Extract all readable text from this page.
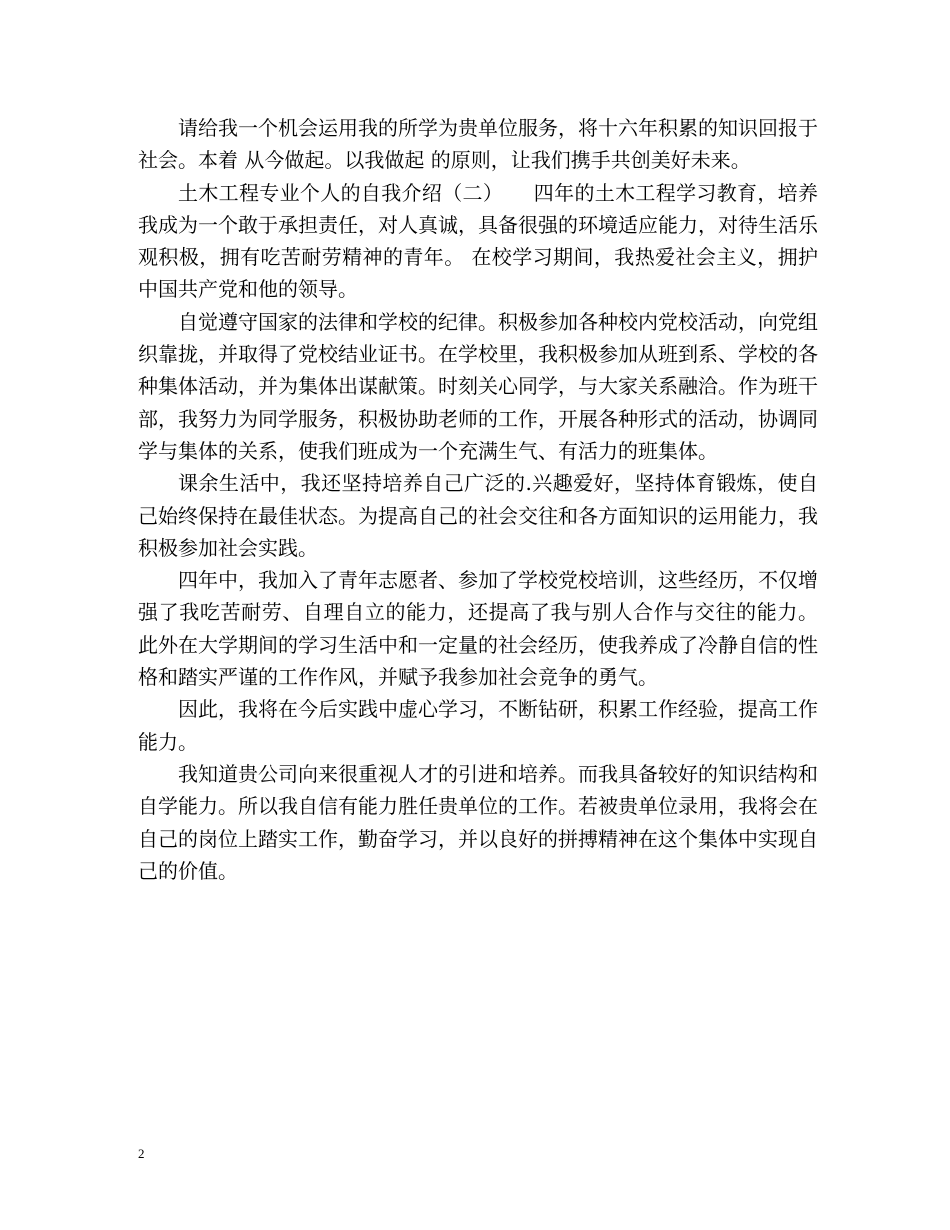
请给我一个机会运用我的所学为贵单位服务，将十六年积累的知识回报于社会。本着 从今做起。以我做起 的原则，让我们携手共创美好未来。

土木工程专业个人的自我介绍（二）　　四年的土木工程学习教育，培养我成为一个敢于承担责任，对人真诚，具备很强的环境适应能力，对待生活乐观积极，拥有吃苦耐劳精神的青年。 在校学习期间，我热爱社会主义，拥护中国共产党和他的领导。

自觉遵守国家的法律和学校的纪律。积极参加各种校内党校活动，向党组织靠拢，并取得了党校结业证书。在学校里，我积极参加从班到系、学校的各种集体活动，并为集体出谋献策。时刻关心同学，与大家关系融洽。作为班干部，我努力为同学服务，积极协助老师的工作，开展各种形式的活动，协调同学与集体的关系，使我们班成为一个充满生气、有活力的班集体。

课余生活中，我还坚持培养自己广泛的.兴趣爱好，坚持体育锻炼，使自己始终保持在最佳状态。为提高自己的社会交往和各方面知识的运用能力，我积极参加社会实践。

四年中，我加入了青年志愿者、参加了学校党校培训，这些经历，不仅增强了我吃苦耐劳、自理自立的能力，还提高了我与别人合作与交往的能力。 此外在大学期间的学习生活中和一定量的社会经历，使我养成了冷静自信的性格和踏实严谨的工作作风，并赋予我参加社会竞争的勇气。

因此，我将在今后实践中虚心学习，不断钻研，积累工作经验，提高工作能力。

我知道贵公司向来很重视人才的引进和培养。而我具备较好的知识结构和自学能力。所以我自信有能力胜任贵单位的工作。若被贵单位录用，我将会在自己的岗位上踏实工作，勤奋学习，并以良好的拼搏精神在这个集体中实现自己的价值。

2
